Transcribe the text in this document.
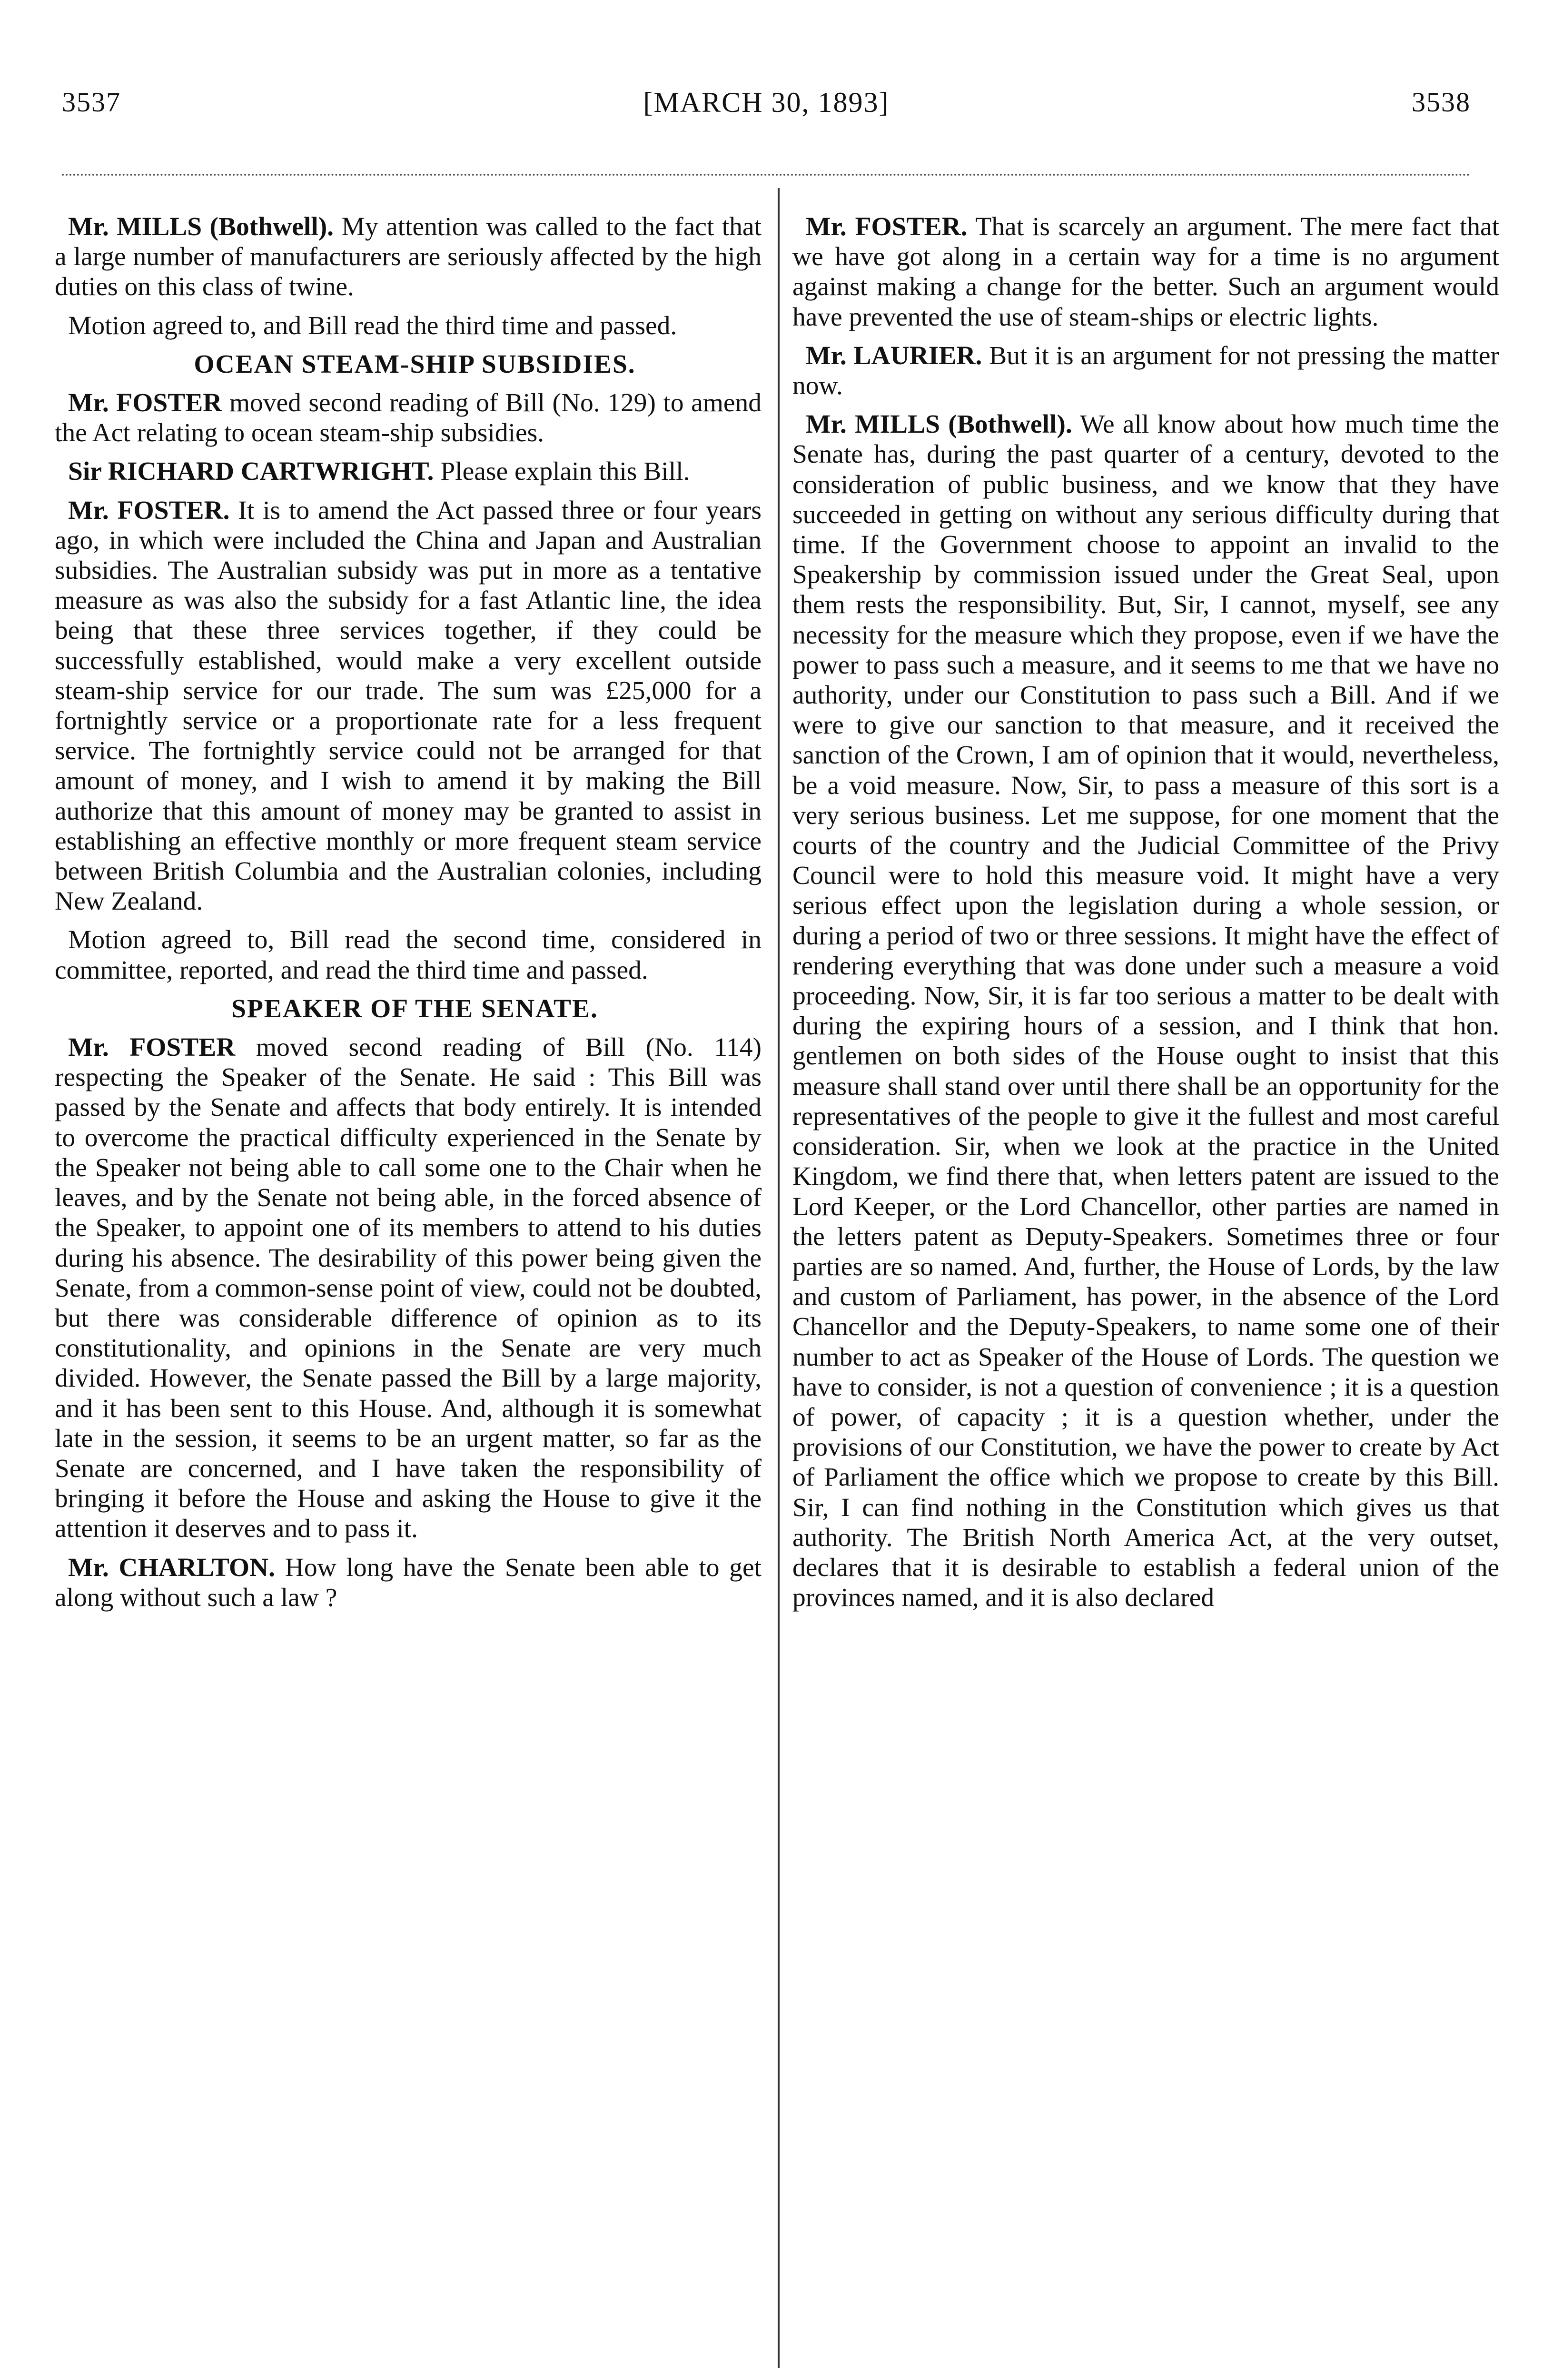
3537	[MARCH 30, 1893]	3538

Mr. MILLS (Bothwell). My attention was called to the fact that a large number of manufacturers are seriously affected by the high duties on this class of twine.

Motion agreed to, and Bill read the third time and passed.

OCEAN STEAM-SHIP SUBSIDIES.

Mr. FOSTER moved second reading of Bill (No. 129) to amend the Act relating to ocean steam-ship subsidies.

Sir RICHARD CARTWRIGHT. Please explain this Bill.

Mr. FOSTER. It is to amend the Act passed three or four years ago, in which were included the China and Japan and Australian subsidies. The Australian subsidy was put in more as a tentative measure as was also the subsidy for a fast Atlantic line, the idea being that these three services together, if they could be successfully established, would make a very excellent outside steam-ship service for our trade. The sum was £25,000 for a fortnightly service or a proportionate rate for a less frequent service. The fortnightly service could not be arranged for that amount of money, and I wish to amend it by making the Bill authorize that this amount of money may be granted to assist in establishing an effective monthly or more frequent steam service between British Columbia and the Australian colonies, including New Zealand.

Motion agreed to, Bill read the second time, considered in committee, reported, and read the third time and passed.

SPEAKER OF THE SENATE.

Mr. FOSTER moved second reading of Bill (No. 114) respecting the Speaker of the Senate. He said : This Bill was passed by the Senate and affects that body entirely. It is intended to overcome the practical difficulty experienced in the Senate by the Speaker not being able to call some one to the Chair when he leaves, and by the Senate not being able, in the forced absence of the Speaker, to appoint one of its members to attend to his duties during his absence. The desirability of this power being given the Senate, from a common-sense point of view, could not be doubted, but there was considerable difference of opinion as to its constitutionality, and opinions in the Senate are very much divided. However, the Senate passed the Bill by a large majority, and it has been sent to this House. And, although it is somewhat late in the session, it seems to be an urgent matter, so far as the Senate are concerned, and I have taken the responsibility of bringing it before the House and asking the House to give it the attention it deserves and to pass it.

Mr. CHARLTON. How long have the Senate been able to get along without such a law ?

Mr. FOSTER. That is scarcely an argument. The mere fact that we have got along in a certain way for a time is no argument against making a change for the better. Such an argument would have prevented the use of steam-ships or electric lights.

Mr. LAURIER. But it is an argument for not pressing the matter now.

Mr. MILLS (Bothwell). We all know about how much time the Senate has, during the past quarter of a century, devoted to the consideration of public business, and we know that they have succeeded in getting on without any serious difficulty during that time. If the Government choose to appoint an invalid to the Speakership by commission issued under the Great Seal, upon them rests the responsibility. But, Sir, I cannot, myself, see any necessity for the measure which they propose, even if we have the power to pass such a measure, and it seems to me that we have no authority, under our Constitution to pass such a Bill. And if we were to give our sanction to that measure, and it received the sanction of the Crown, I am of opinion that it would, nevertheless, be a void measure. Now, Sir, to pass a measure of this sort is a very serious business. Let me suppose, for one moment that the courts of the country and the Judicial Committee of the Privy Council were to hold this measure void. It might have a very serious effect upon the legislation during a whole session, or during a period of two or three sessions. It might have the effect of rendering everything that was done under such a measure a void proceeding. Now, Sir, it is far too serious a matter to be dealt with during the expiring hours of a session, and I think that hon. gentlemen on both sides of the House ought to insist that this measure shall stand over until there shall be an opportunity for the representatives of the people to give it the fullest and most careful consideration. Sir, when we look at the practice in the United Kingdom, we find there that, when letters patent are issued to the Lord Keeper, or the Lord Chancellor, other parties are named in the letters patent as Deputy-Speakers. Sometimes three or four parties are so named. And, further, the House of Lords, by the law and custom of Parliament, has power, in the absence of the Lord Chancellor and the Deputy-Speakers, to name some one of their number to act as Speaker of the House of Lords. The question we have to consider, is not a question of convenience ; it is a question of power, of capacity ; it is a question whether, under the provisions of our Constitution, we have the power to create by Act of Parliament the office which we propose to create by this Bill. Sir, I can find nothing in the Constitution which gives us that authority. The British North America Act, at the very outset, declares that it is desirable to establish a federal union of the provinces named, and it is also declared
